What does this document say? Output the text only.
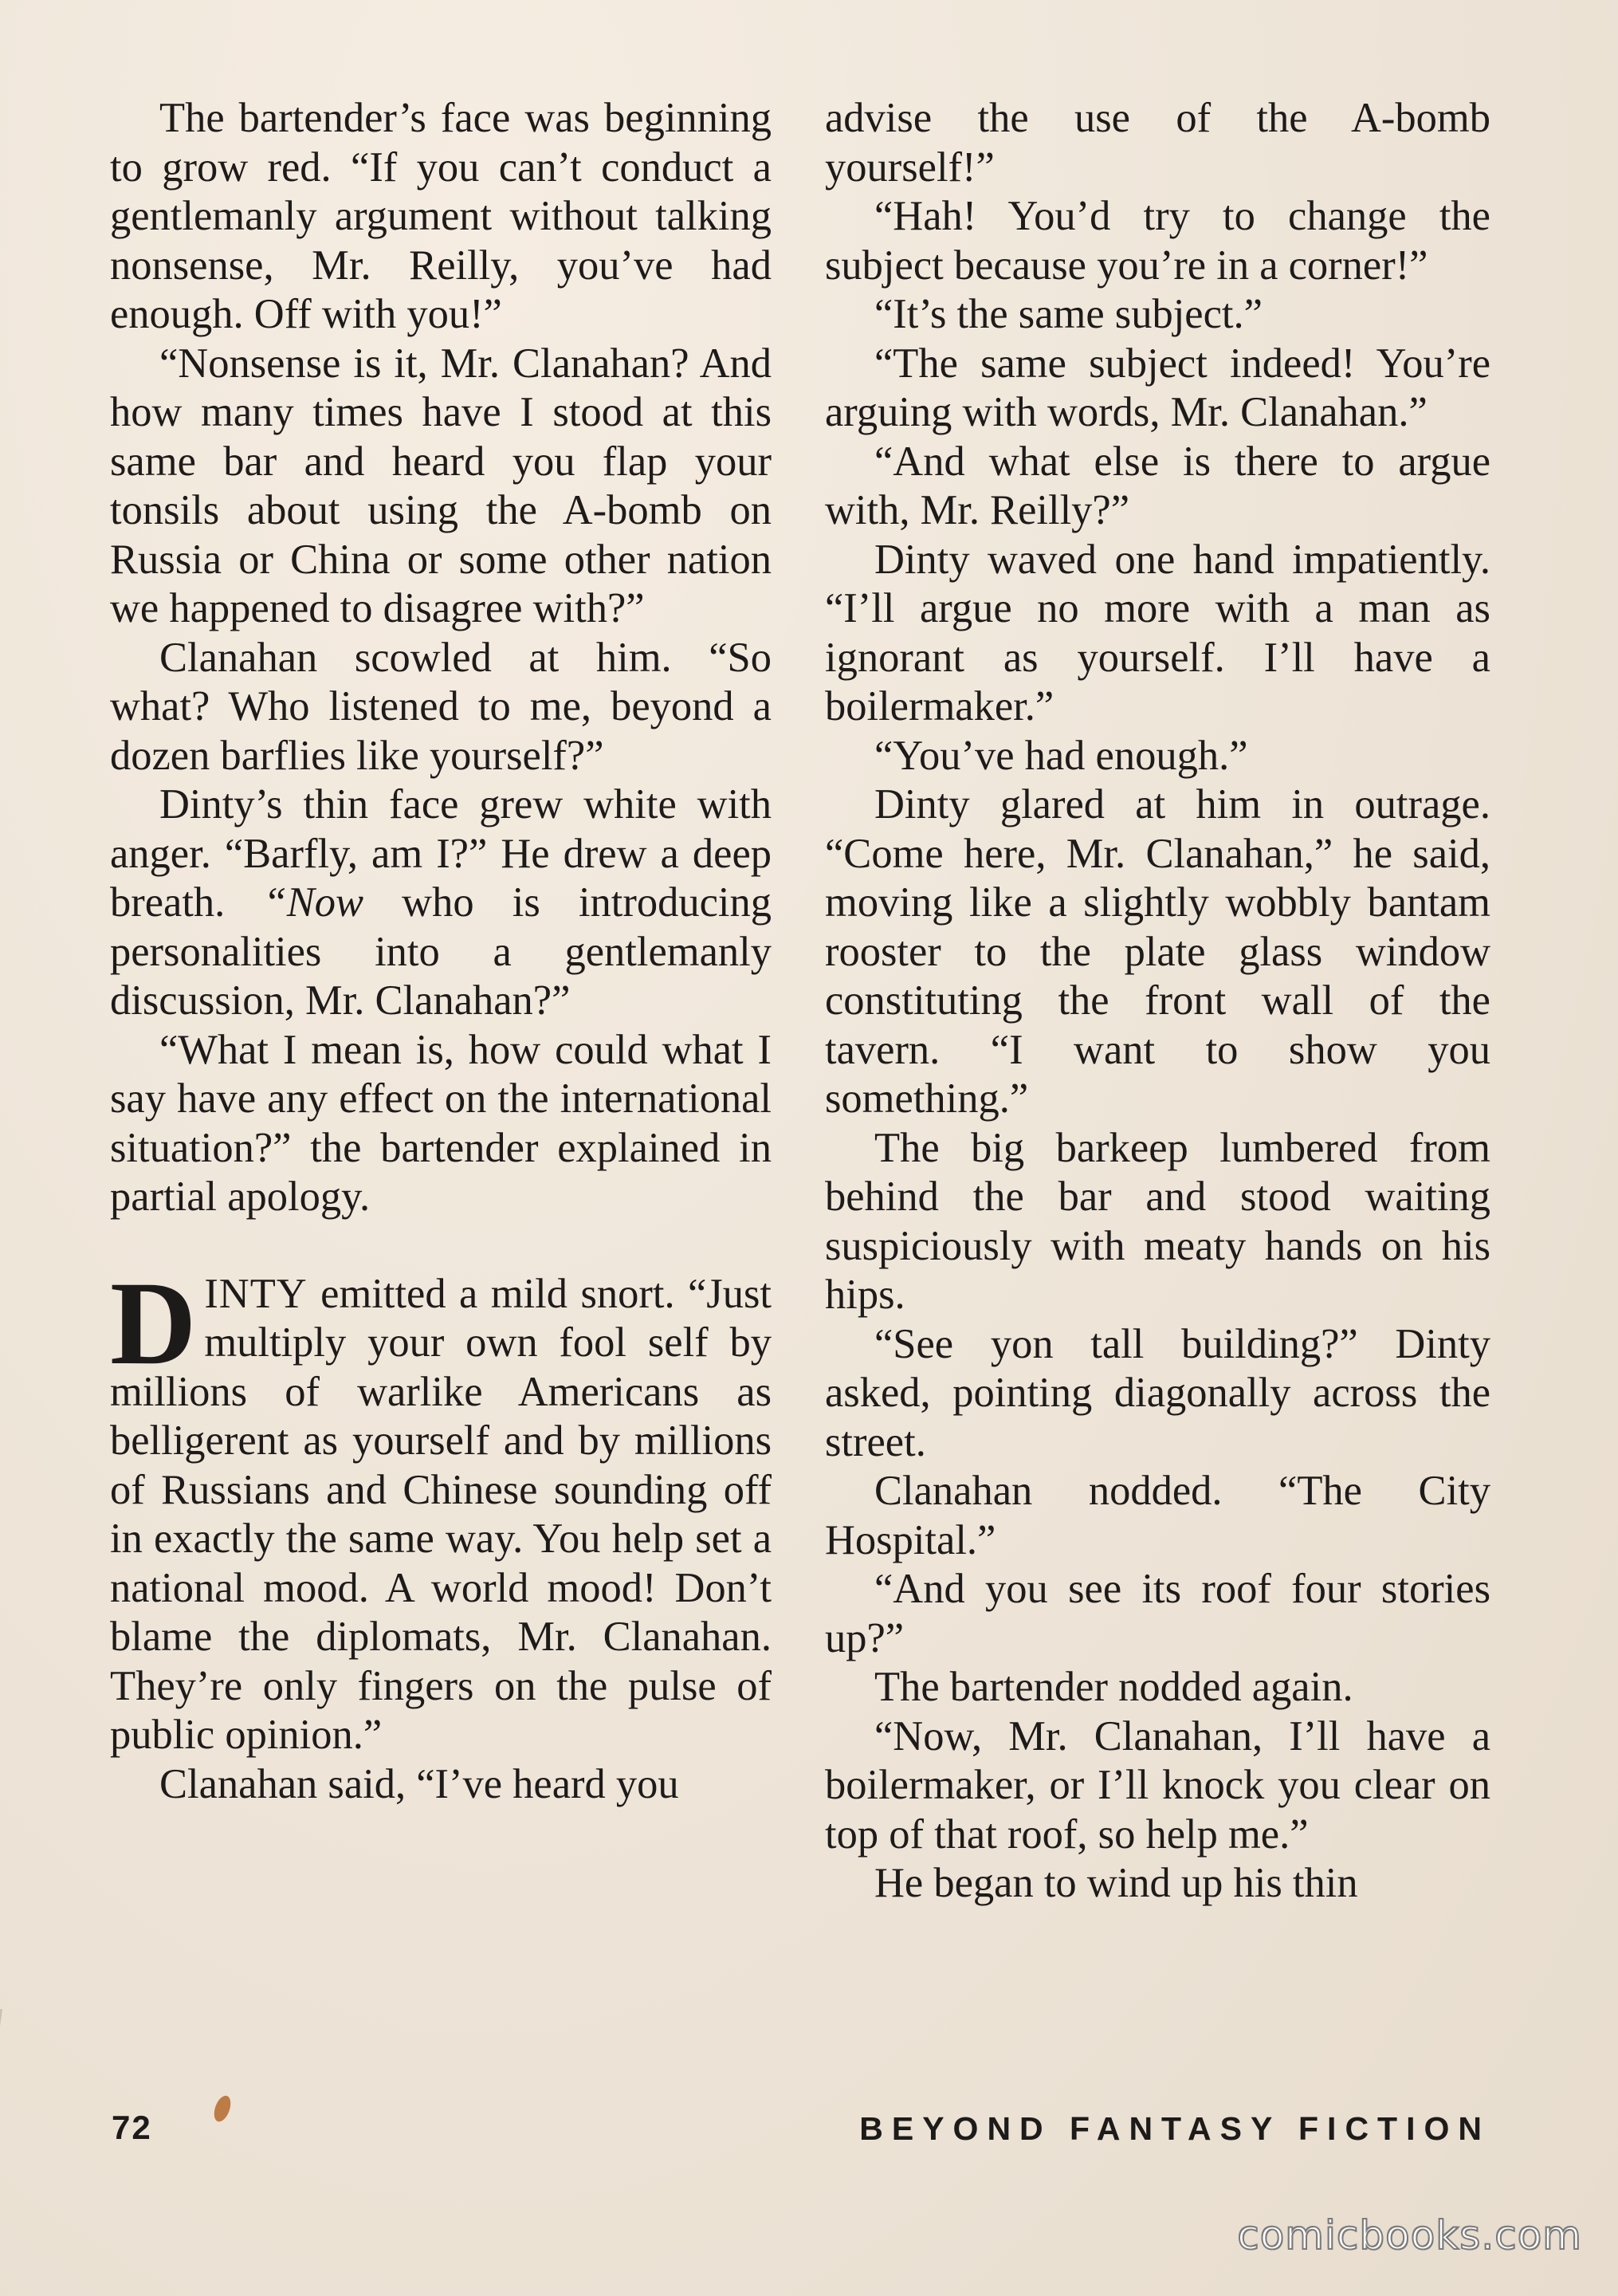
The bartender’s face was beginning to grow red. “If you can’t conduct a gentlemanly argument without talking nonsense, Mr. Reilly, you’ve had enough. Off with you!”

“Nonsense is it, Mr. Clanahan? And how many times have I stood at this same bar and heard you flap your tonsils about using the A-bomb on Russia or China or some other nation we happened to disagree with?”

Clanahan scowled at him. “So what? Who listened to me, beyond a dozen barflies like yourself?”

Dinty’s thin face grew white with anger. “Barfly, am I?” He drew a deep breath. “Now who is introducing personalities into a gentlemanly discussion, Mr. Clanahan?”

“What I mean is, how could what I say have any effect on the international situation?” the bartender explained in partial apology.

DINTY emitted a mild snort. “Just multiply your own fool self by millions of warlike Americans as belligerent as yourself and by millions of Russians and Chinese sounding off in exactly the same way. You help set a national mood. A world mood! Don’t blame the diplomats, Mr. Clanahan. They’re only fingers on the pulse of public opinion.”

Clanahan said, “I’ve heard you

advise the use of the A-bomb yourself!”

“Hah! You’d try to change the subject because you’re in a corner!”

“It’s the same subject.”

“The same subject indeed! You’re arguing with words, Mr. Clanahan.”

“And what else is there to argue with, Mr. Reilly?”

Dinty waved one hand impatiently. “I’ll argue no more with a man as ignorant as yourself. I’ll have a boilermaker.”

“You’ve had enough.”

Dinty glared at him in outrage. “Come here, Mr. Clanahan,” he said, moving like a slightly wobbly bantam rooster to the plate glass window constituting the front wall of the tavern. “I want to show you something.”

The big barkeep lumbered from behind the bar and stood waiting suspiciously with meaty hands on his hips.

“See yon tall building?” Dinty asked, pointing diagonally across the street.

Clanahan nodded. “The City Hospital.”

“And you see its roof four stories up?”

The bartender nodded again.

“Now, Mr. Clanahan, I’ll have a boilermaker, or I’ll knock you clear on top of that roof, so help me.”

He began to wind up his thin

72	BEYOND FANTASY FICTION
comicbooks.com
